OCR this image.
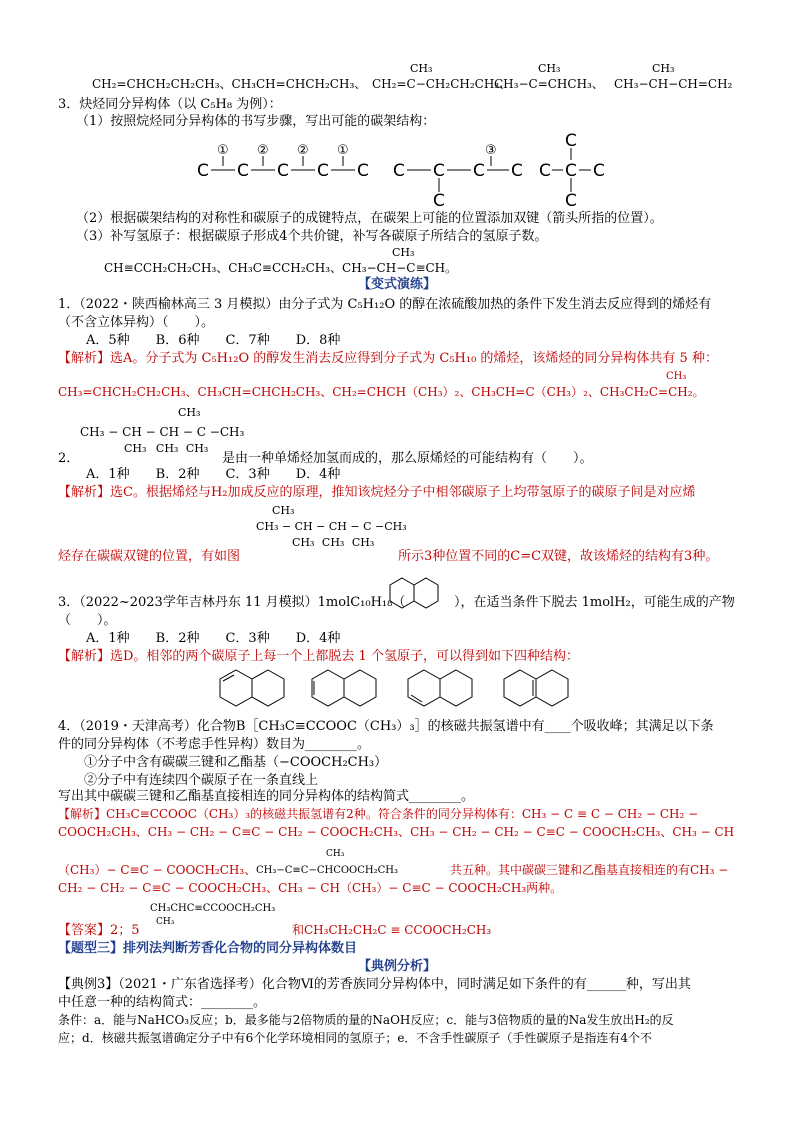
CH₃	CH₃	CH₃
CH₂=CHCH₂CH₂CH₃、CH₃CH=CHCH₂CH₃、 CH₂=C−CH₂CH₂CH₃、
CH₃−C=CHCH₃、 CH₃−CH−CH=CH₂
3．炔烃同分异构体（以 C₅H₈ 为例）：
（1）按照烷烃同分异构体的书写步骤，写出可能的碳架结构：
C C C C C
① ② ② ①
C C C C
C
③
C C C
C
C
（2）根据碳架结构的对称性和碳原子的成键特点，在碳架上可能的位置添加双键（箭头所指的位置）。
（3）补写氢原子：根据碳原子形成4个共价键，补写各碳原子所结合的氢原子数。
CH₃
CH≡CCH₂CH₂CH₃、CH₃C≡CCH₂CH₃、CH₃−CH−C≡CH。
【变式演练】
1．（2022・陕西榆林高三 3 月模拟）由分子式为 C₅H₁₂O 的醇在浓硫酸加热的条件下发生消去反应得到的烯烃有
（不含立体异构）（　　）。
A．5种　　B．6种　　C．7种　　D．8种
【解析】选A。分子式为 C₅H₁₂O 的醇发生消去反应得到分子式为 C₅H₁₀ 的烯烃，该烯烃的同分异构体共有 5 种：
CH₃
CH₃=CHCH₂CH₂CH₃、CH₃CH=CHCH₂CH₃、CH₂=CHCH（CH₃）₂、CH₃CH=C（CH₃）₂、CH₃CH₂C=CH₂。
CH₃
CH₃ − CH − CH − C −CH₃
CH₃ CH₃ CH₃
2．	是由一种单烯烃加氢而成的，那么原烯烃的可能结构有（　　）。
A．1种　　B．2种　　C．3种　　D．4种
【解析】选C。根据烯烃与H₂加成反应的原理，推知该烷烃分子中相邻碳原子上均带氢原子的碳原子间是对应烯
CH₃
CH₃ − CH − CH − C −CH₃
CH₃ CH₃ CH₃
烃存在碳碳双键的位置，有如图	所示3种位置不同的C=C双键，故该烯烃的结构有3种。
3．（2022~2023学年吉林丹东 11 月模拟）1molC₁₀H₁₈（	），在适当条件下脱去 1molH₂，可能生成的产物
（　　）。
A．1种　　B．2种　　C．3种　　D．4种
【解析】选D。相邻的两个碳原子上每一个上都脱去 1 个氢原子，可以得到如下四种结构：
4．（2019・天津高考）化合物B［CH₃C≡CCOOC（CH₃）₃］的核磁共振氢谱中有____个吸收峰；其满足以下条
件的同分异构体（不考虑手性异构）数目为________。
①分子中含有碳碳三键和乙酯基（−COOCH₂CH₃）
②分子中有连续四个碳原子在一条直线上
写出其中碳碳三键和乙酯基直接相连的同分异构体的结构简式________。
【解析】CH₃C≡CCOOC（CH₃）₃的核磁共振氢谱有2种。符合条件的同分异构体有：CH₃ − C ≡ C − CH₂ − CH₂ −
COOCH₂CH₃、CH₃ − CH₂ − C≡C − CH₂ − COOCH₂CH₃、CH₃ − CH₂ − CH₂ − C≡C − COOCH₂CH₃、CH₃ − CH
CH₃
（CH₃）− C≡C − COOCH₂CH₃、 CH₃−C≡C−CHCOOCH₂CH₃	共五种。其中碳碳三键和乙酯基直接相连的有CH₃ −
CH₂ − CH₂ − C≡C − COOCH₂CH₃、CH₃ − CH（CH₃）− C≡C − COOCH₂CH₃两种。
CH₃CHC≡CCOOCH₂CH₃
CH₃
【答案】2；5	和CH₃CH₂CH₂C ≡ CCOOCH₂CH₃
【题型三】排列法判断芳香化合物的同分异构体数目
【典例分析】
【典例3】（2021・广东省选择考）化合物Ⅵ的芳香族同分异构体中，同时满足如下条件的有______种，写出其
中任意一种的结构简式：________。
条件：a．能与NaHCO₃反应；b．最多能与2倍物质的量的NaOH反应；c．能与3倍物质的量的Na发生放出H₂的反
应；d．核磁共振氢谱确定分子中有6个化学环境相同的氢原子；e．不含手性碳原子（手性碳原子是指连有4个不
